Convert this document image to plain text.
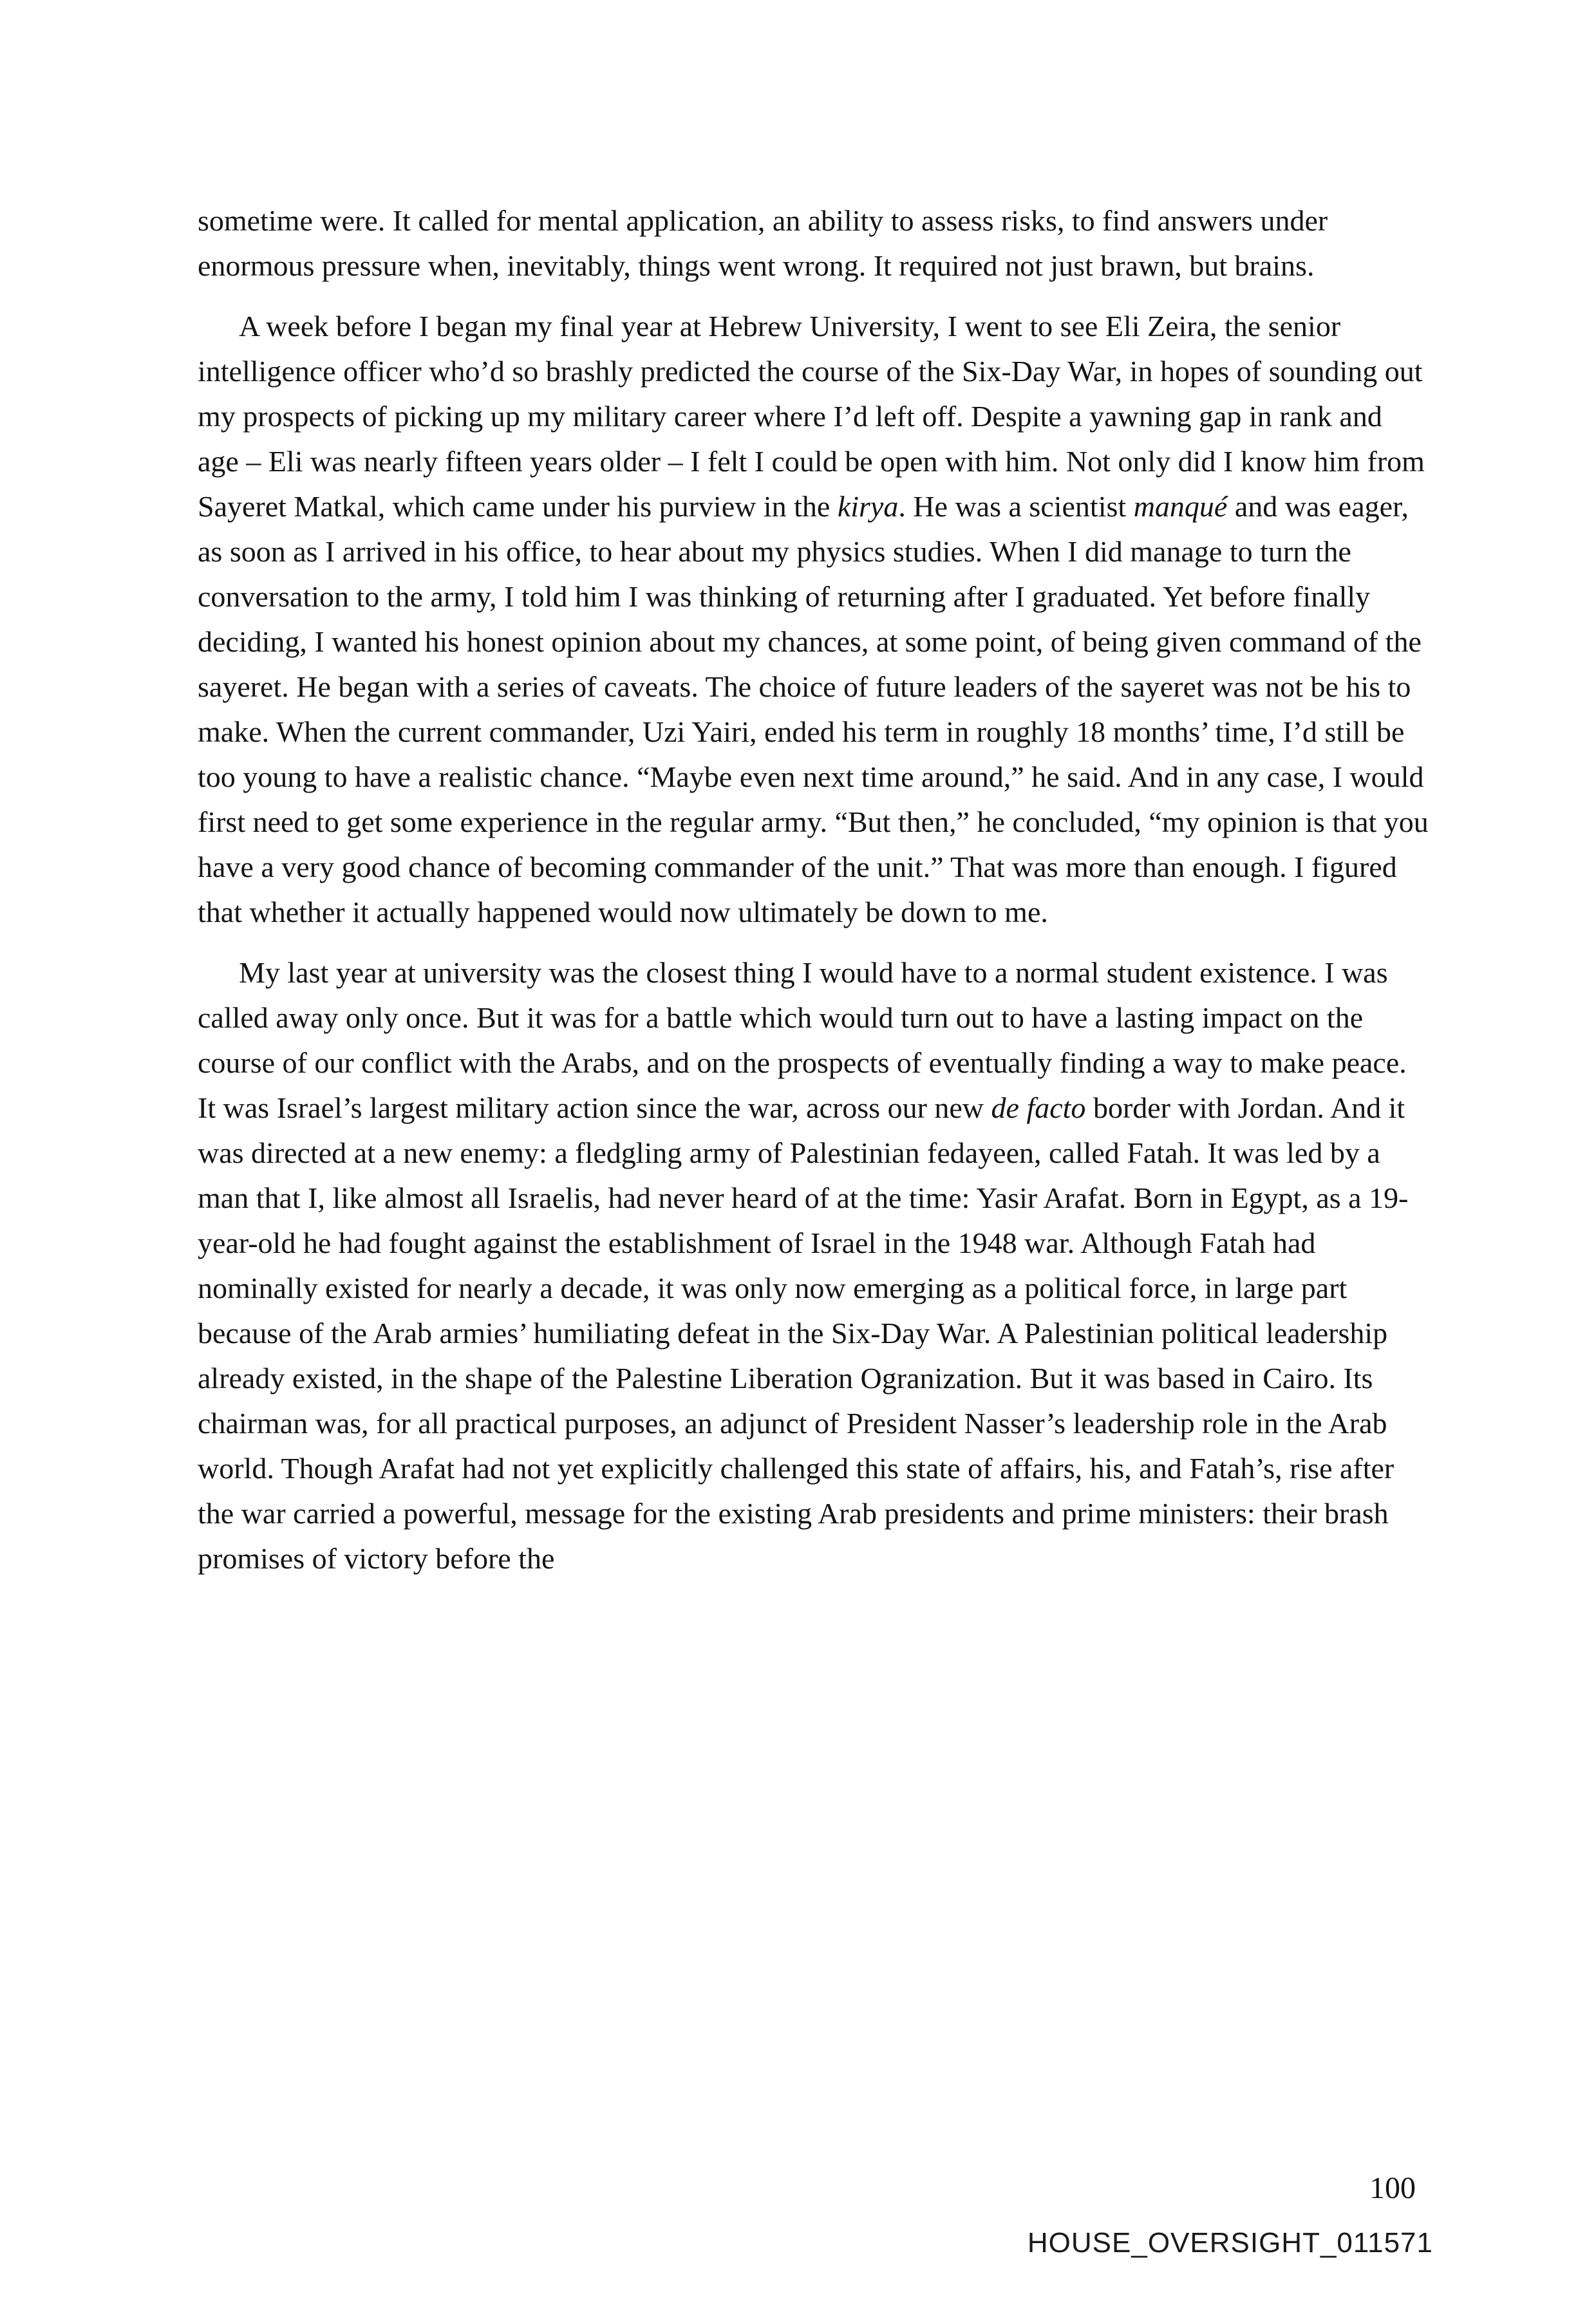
sometime were. It called for mental application, an ability to assess risks, to find answers under enormous pressure when, inevitably, things went wrong. It required not just brawn, but brains.

A week before I began my final year at Hebrew University, I went to see Eli Zeira, the senior intelligence officer who’d so brashly predicted the course of the Six-Day War, in hopes of sounding out my prospects of picking up my military career where I’d left off. Despite a yawning gap in rank and age – Eli was nearly fifteen years older – I felt I could be open with him. Not only did I know him from Sayeret Matkal, which came under his purview in the kirya. He was a scientist manqué and was eager, as soon as I arrived in his office, to hear about my physics studies. When I did manage to turn the conversation to the army, I told him I was thinking of returning after I graduated. Yet before finally deciding, I wanted his honest opinion about my chances, at some point, of being given command of the sayeret. He began with a series of caveats. The choice of future leaders of the sayeret was not be his to make. When the current commander, Uzi Yairi, ended his term in roughly 18 months’ time, I’d still be too young to have a realistic chance. “Maybe even next time around,” he said. And in any case, I would first need to get some experience in the regular army. “But then,” he concluded, “my opinion is that you have a very good chance of becoming commander of the unit.” That was more than enough. I figured that whether it actually happened would now ultimately be down to me.

My last year at university was the closest thing I would have to a normal student existence. I was called away only once. But it was for a battle which would turn out to have a lasting impact on the course of our conflict with the Arabs, and on the prospects of eventually finding a way to make peace. It was Israel’s largest military action since the war, across our new de facto border with Jordan. And it was directed at a new enemy: a fledgling army of Palestinian fedayeen, called Fatah. It was led by a man that I, like almost all Israelis, had never heard of at the time: Yasir Arafat. Born in Egypt, as a 19-year-old he had fought against the establishment of Israel in the 1948 war. Although Fatah had nominally existed for nearly a decade, it was only now emerging as a political force, in large part because of the Arab armies’ humiliating defeat in the Six-Day War. A Palestinian political leadership already existed, in the shape of the Palestine Liberation Ogranization. But it was based in Cairo. Its chairman was, for all practical purposes, an adjunct of President Nasser’s leadership role in the Arab world. Though Arafat had not yet explicitly challenged this state of affairs, his, and Fatah’s, rise after the war carried a powerful, message for the existing Arab presidents and prime ministers: their brash promises of victory before the

100
HOUSE_OVERSIGHT_011571
